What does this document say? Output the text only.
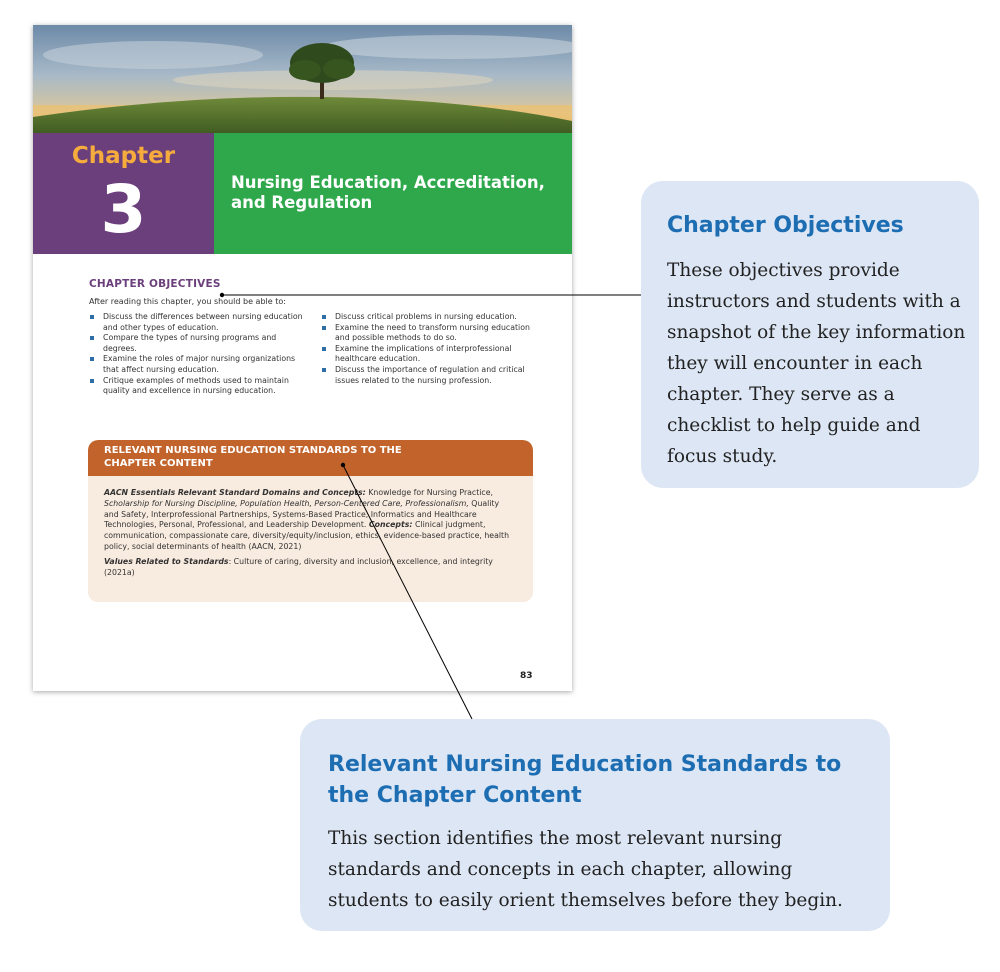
Chapter
3	Nursing Education, Accreditation, and Regulation
CHAPTER OBJECTIVES
After reading this chapter, you should be able to:
Discuss the differences between nursing education and other types of education.
Compare the types of nursing programs and degrees.
Examine the roles of major nursing organizations that affect nursing education.
Critique examples of methods used to maintain quality and excellence in nursing education.
Discuss critical problems in nursing education.
Examine the need to transform nursing education and possible methods to do so.
Examine the implications of interprofessional healthcare education.
Discuss the importance of regulation and critical issues related to the nursing profession.
RELEVANT NURSING EDUCATION STANDARDS TO THE CHAPTER CONTENT

AACN Essentials Relevant Standard Domains and Concepts: Knowledge for Nursing Practice, Scholarship for Nursing Discipline, Population Health, Person-Centered Care, Professionalism, Quality and Safety, Interprofessional Partnerships, Systems-Based Practice, Informatics and Healthcare Technologies, Personal, Professional, and Leadership Development. Concepts: Clinical judgment, communication, compassionate care, diversity/equity/inclusion, ethics, evidence-based practice, health policy, social determinants of health (AACN, 2021)

Values Related to Standards: Culture of caring, diversity and inclusion, excellence, and integrity (2021a)

83
Chapter Objectives
These objectives provide instructors and students with a snapshot of the key information they will encounter in each chapter. They serve as a checklist to help guide and focus study.
Relevant Nursing Education Standards to the Chapter Content
This section identifies the most relevant nursing standards and concepts in each chapter, allowing students to easily orient themselves before they begin.
